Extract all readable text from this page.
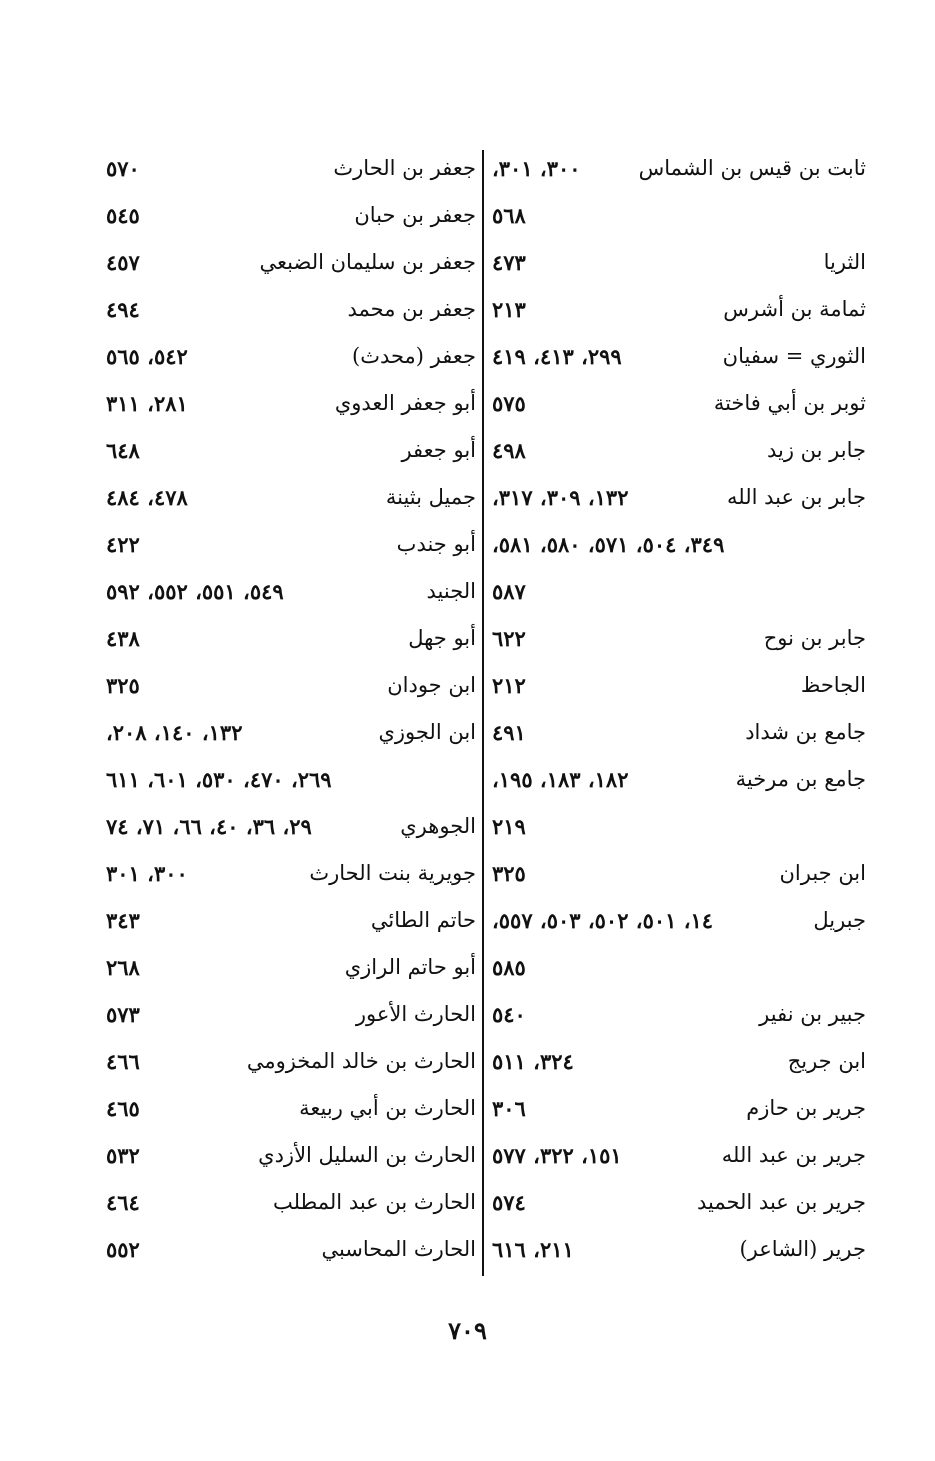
ثابت بن قيس بن الشماس
٣٠٠، ٣٠١،
٥٦٨
الثريا
٤٧٣
ثمامة بن أشرس
٢١٣
الثوري = سفيان
٢٩٩، ٤١٣، ٤١٩
ثوبر بن أبي فاختة
٥٧٥
جابر بن زيد
٤٩٨
جابر بن عبد الله
١٣٢، ٣٠٩، ٣١٧،
٣٤٩، ٥٠٤، ٥٧١، ٥٨٠، ٥٨١،
٥٨٧
جابر بن نوح
٦٢٢
الجاحظ
٢١٢
جامع بن شداد
٤٩١
جامع بن مرخية
١٨٢، ١٨٣، ١٩٥،
٢١٩
ابن جبران
٣٢٥
جبريل
١٤، ٥٠١، ٥٠٢، ٥٠٣، ٥٥٧،
٥٨٥
جبير بن نفير
٥٤٠
ابن جريج
٣٢٤، ٥١١
جرير بن حازم
٣٠٦
جرير بن عبد الله
١٥١، ٣٢٢، ٥٧٧
جرير بن عبد الحميد
٥٧٤
جرير (الشاعر)
٢١١، ٦١٦
جعفر بن الحارث
٥٧٠
جعفر بن حبان
٥٤٥
جعفر بن سليمان الضبعي
٤٥٧
جعفر بن محمد
٤٩٤
جعفر (محدث)
٥٤٢، ٥٦٥
أبو جعفر العدوي
٢٨١، ٣١١
أبو جعفر
٦٤٨
جميل بثينة
٤٧٨، ٤٨٤
أبو جندب
٤٢٢
الجنيد
٥٤٩، ٥٥١، ٥٥٢، ٥٩٢
أبو جهل
٤٣٨
ابن جودان
٣٢٥
ابن الجوزي
١٣٢، ١٤٠، ٢٠٨،
٢٦٩، ٤٧٠، ٥٣٠، ٦٠١، ٦١١
الجوهري
٢٩، ٣٦، ٤٠، ٦٦، ٧١، ٧٤
جويرية بنت الحارث
٣٠٠، ٣٠١
حاتم الطائي
٣٤٣
أبو حاتم الرازي
٢٦٨
الحارث الأعور
٥٧٣
الحارث بن خالد المخزومي
٤٦٦
الحارث بن أبي ربيعة
٤٦٥
الحارث بن السليل الأزدي
٥٣٢
الحارث بن عبد المطلب
٤٦٤
الحارث المحاسبي
٥٥٢
٧٠٩
